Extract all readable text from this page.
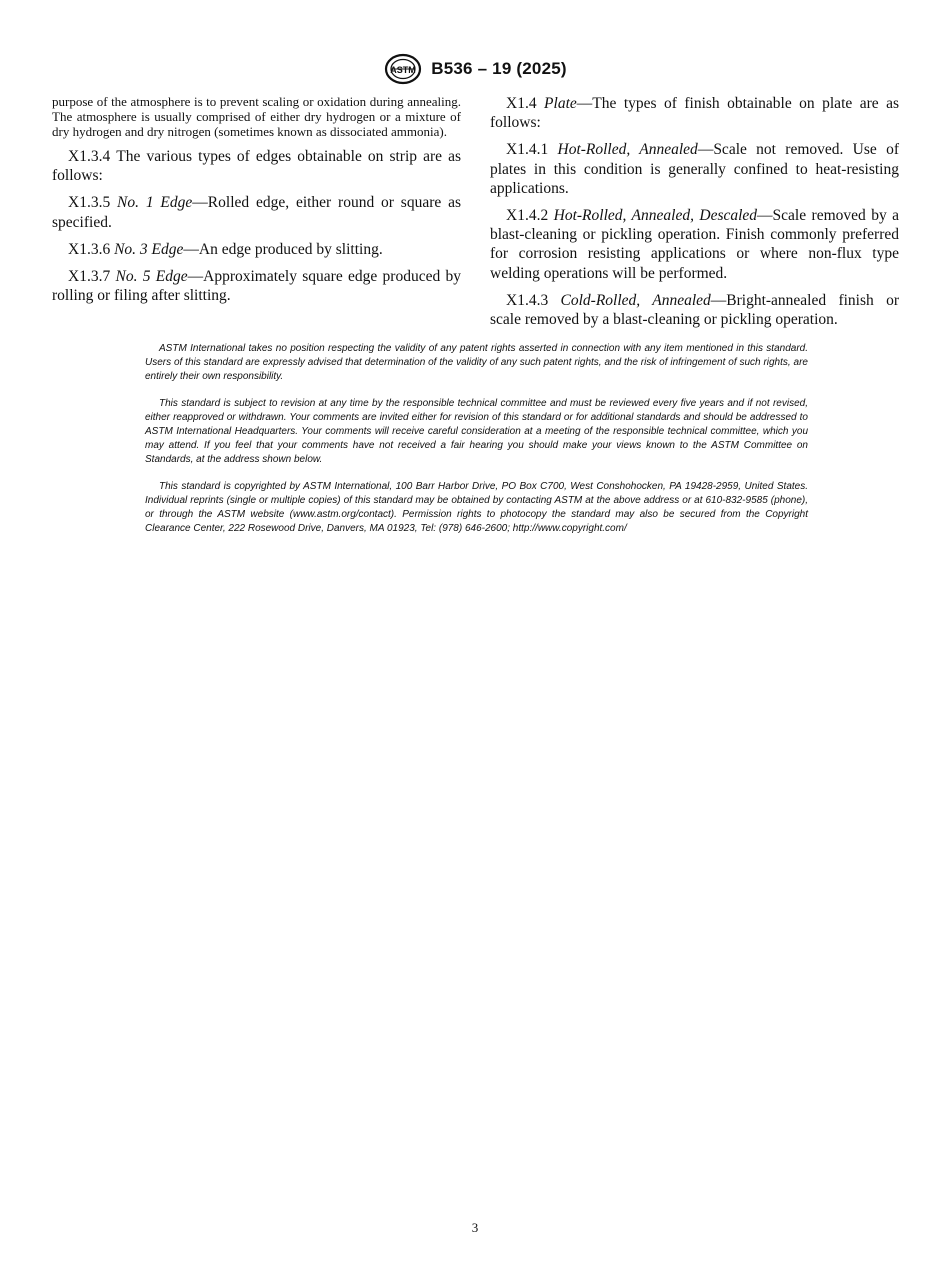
ASTM B536 – 19 (2025)

purpose of the atmosphere is to prevent scaling or oxidation during annealing. The atmosphere is usually comprised of either dry hydrogen or a mixture of dry hydrogen and dry nitrogen (sometimes known as dissociated ammonia).

X1.3.4 The various types of edges obtainable on strip are as follows:

X1.3.5 No. 1 Edge—Rolled edge, either round or square as specified.

X1.3.6 No. 3 Edge—An edge produced by slitting.

X1.3.7 No. 5 Edge—Approximately square edge produced by rolling or filing after slitting.

X1.4 Plate—The types of finish obtainable on plate are as follows:

X1.4.1 Hot-Rolled, Annealed—Scale not removed. Use of plates in this condition is generally confined to heat-resisting applications.

X1.4.2 Hot-Rolled, Annealed, Descaled—Scale removed by a blast-cleaning or pickling operation. Finish commonly preferred for corrosion resisting applications or where non-flux type welding operations will be performed.

X1.4.3 Cold-Rolled, Annealed—Bright-annealed finish or scale removed by a blast-cleaning or pickling operation.

ASTM International takes no position respecting the validity of any patent rights asserted in connection with any item mentioned in this standard. Users of this standard are expressly advised that determination of the validity of any such patent rights, and the risk of infringement of such rights, are entirely their own responsibility.

This standard is subject to revision at any time by the responsible technical committee and must be reviewed every five years and if not revised, either reapproved or withdrawn. Your comments are invited either for revision of this standard or for additional standards and should be addressed to ASTM International Headquarters. Your comments will receive careful consideration at a meeting of the responsible technical committee, which you may attend. If you feel that your comments have not received a fair hearing you should make your views known to the ASTM Committee on Standards, at the address shown below.

This standard is copyrighted by ASTM International, 100 Barr Harbor Drive, PO Box C700, West Conshohocken, PA 19428-2959, United States. Individual reprints (single or multiple copies) of this standard may be obtained by contacting ASTM at the above address or at 610-832-9585 (phone), or through the ASTM website (www.astm.org/contact). Permission rights to photocopy the standard may also be secured from the Copyright Clearance Center, 222 Rosewood Drive, Danvers, MA 01923, Tel: (978) 646-2600; http://www.copyright.com/

3
